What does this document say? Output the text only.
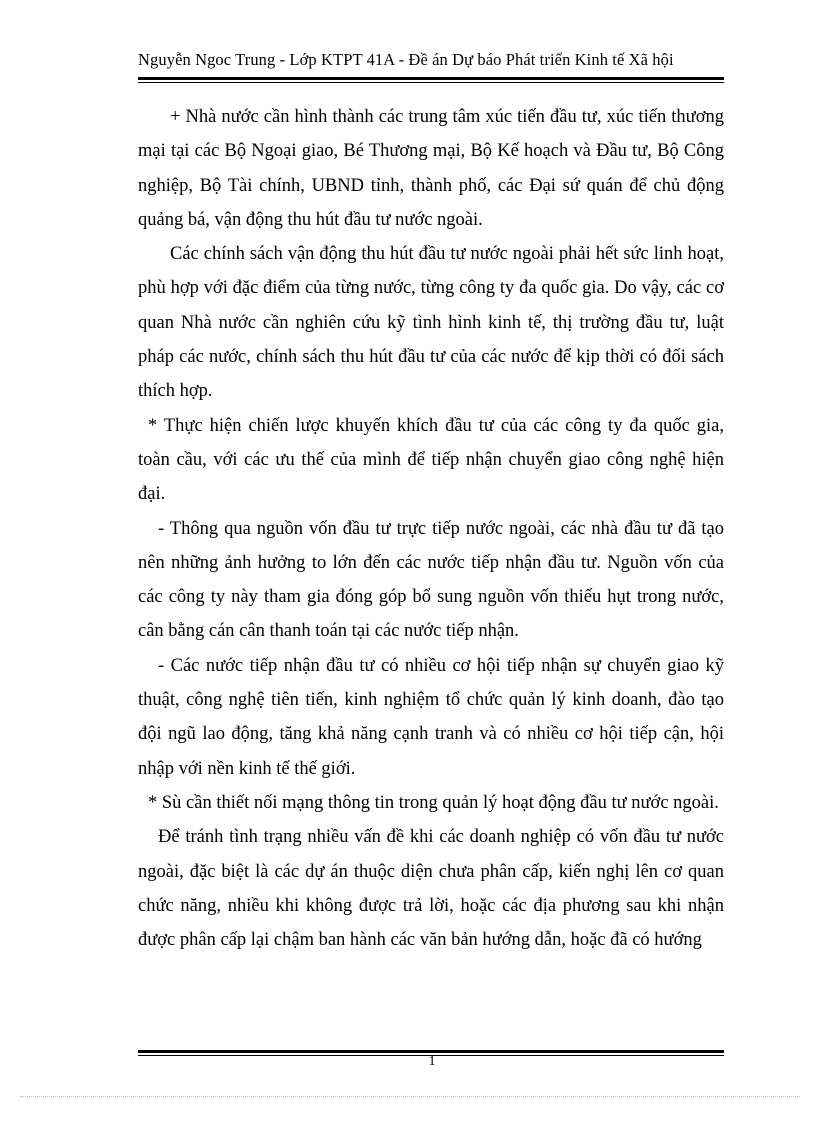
Nguyễn Ngoc Trung - Lớp KTPT 41A - Đề án Dự báo Phát triển Kinh tế Xã hội

+ Nhà nước cần hình thành các trung tâm xúc tiến đầu tư, xúc tiến thương mại tại các Bộ Ngoại giao, Bé Thương mại, Bộ Kế hoạch và Đầu tư, Bộ Công nghiệp, Bộ Tài chính, UBND tỉnh, thành phố, các Đại sứ quán để chủ động quảng bá, vận động thu hút đầu tư nước ngoài.

Các chính sách vận động thu hút đầu tư nước ngoài phải hết sức linh hoạt, phù hợp với đặc điểm của từng nước, từng công ty đa quốc gia. Do vậy, các cơ quan Nhà nước cần nghiên cứu kỹ tình hình kinh tế, thị trường đầu tư, luật pháp các nước, chính sách thu hút đầu tư của các nước để kịp thời có đối sách thích hợp.

* Thực hiện chiến lược khuyến khích đầu tư của các công ty đa quốc gia, toàn cầu, với các ưu thế của mình để tiếp nhận chuyển giao công nghệ hiện đại.

- Thông qua nguồn vốn đầu tư trực tiếp nước ngoài, các nhà đầu tư đã tạo nên những ảnh hưởng to lớn đến các nước tiếp nhận đầu tư. Nguồn vốn của các công ty này tham gia đóng góp bổ sung nguồn vốn thiếu hụt trong nước, cân bằng cán cân thanh toán tại các nước tiếp nhận.

- Các nước tiếp nhận đầu tư có nhiều cơ hội tiếp nhận sự chuyển giao kỹ thuật, công nghệ tiên tiến, kinh nghiệm tổ chức quản lý kinh doanh, đào tạo đội ngũ lao động, tăng khả năng cạnh tranh và có nhiều cơ hội tiếp cận, hội nhập với nền kinh tế thế giới.

* Sù cần thiết nối mạng thông tin trong quản lý hoạt động đầu tư nước ngoài.

Để tránh tình trạng nhiều vấn đề khi các doanh nghiệp có vốn đầu tư nước ngoài, đặc biệt là các dự án thuộc diện chưa phân cấp, kiến nghị lên cơ quan chức năng, nhiều khi không được trả lời, hoặc các địa phương sau khi nhận được phân cấp lại chậm ban hành các văn bản hướng dẫn, hoặc đã có hướng

1
